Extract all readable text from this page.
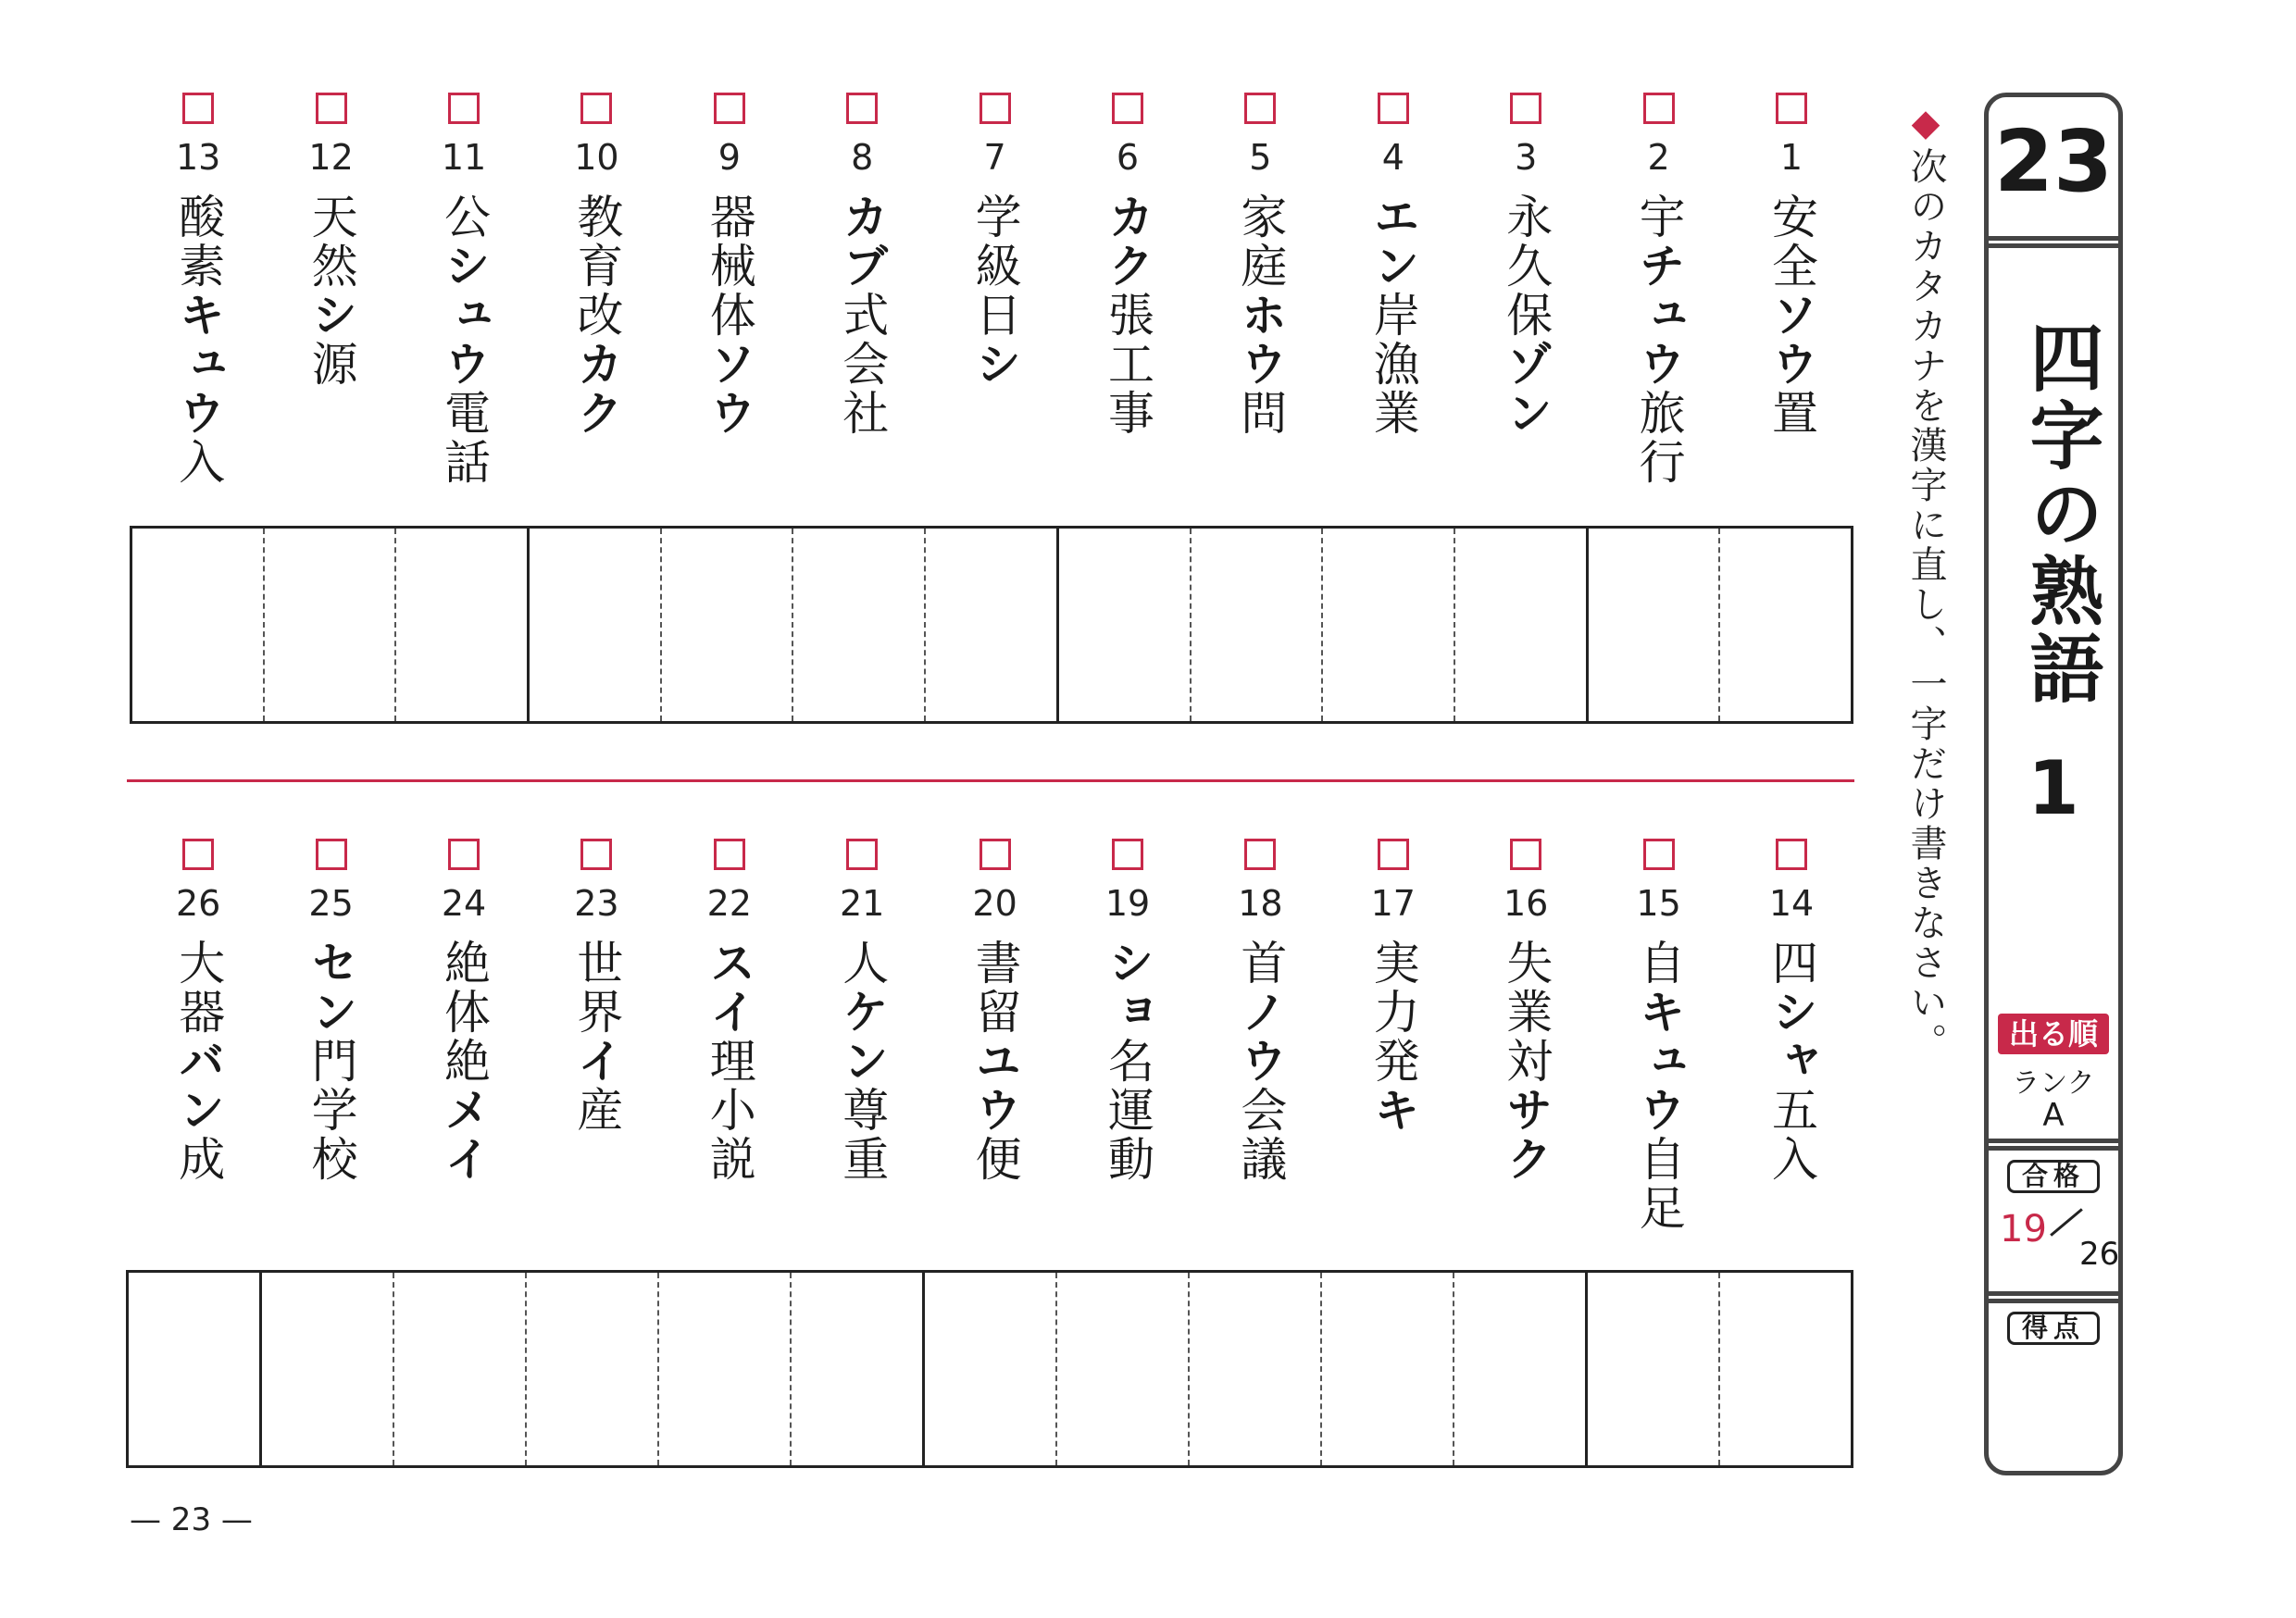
1
安全ソウ置
2
宇チュウ旅行
3
永久保ゾン
4
エン岸漁業
5
家庭ホウ問
6
カク張工事
7
学級日シ
8
カブ式会社
9
器械体ソウ
10
教育改カク
11
公シュウ電話
12
天然シ源
13
酸素キュウ入
14
四シャ五入
15
自キュウ自足
16
失業対サク
17
実力発キ
18
首ノウ会議
19
ショ名運動
20
書留ユウ便
21
人ケン尊重
22
スイ理小説
23
世界イ産
24
絶体絶メイ
25
セン門学校
26
大器バン成
◆次のカタカナを漢字に直し、一字だけ書きなさい。 23
四字の熟語
1
出る順
ランク
A
合格
19
26
得点
— 23 —
